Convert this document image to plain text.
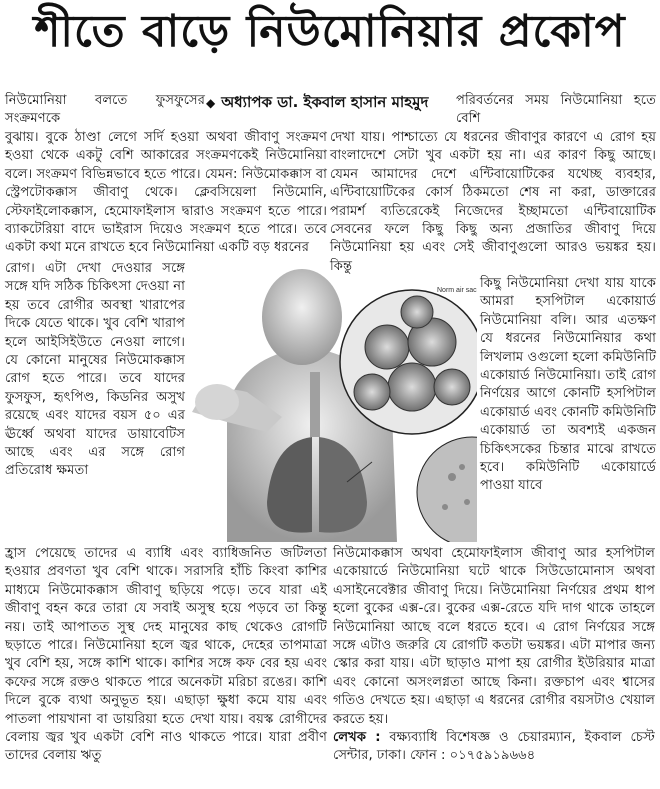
শীতে বাড়ে নিউমোনিয়ার প্রকোপ
◆ অধ্যাপক ডা. ইকবাল হাসান মাহমুদ
নিউমোনিয়া বলতে ফুসফুসের সংক্রমণকে
পরিবর্তনের সময় নিউমোনিয়া হতে বেশি
বুঝায়। বুকে ঠাণ্ডা লেগে সর্দি হওয়া অথবা জীবাণু সংক্রমণ হওয়া থেকে একটু বেশি আকারের সংক্রমণকেই নিউমোনিয়া বলে। সংক্রমণ বিভিন্নভাবে হতে পারে। যেমন: নিউমোকক্কাস বা স্ট্রেপটোকক্কাস জীবাণু থেকে। ক্লেবসিয়েলা নিউমোনি, স্টেফাইলোকক্কাস, হেমোফাইলাস দ্বারাও সংক্রমণ হতে পারে। ব্যাকটেরিয়া বাদে ভাইরাস দিয়েও সংক্রমণ হতে পারে। তবে একটা কথা মনে রাখতে হবে নিউমোনিয়া একটি বড় ধরনের
দেখা যায়। পাশ্চাত্যে যে ধরনের জীবাণুর কারণে এ রোগ হয় বাংলাদেশে সেটা খুব একটা হয় না। এর কারণ কিছু আছে। যেমন আমাদের দেশে এন্টিবায়োটিকের যথেচ্ছ ব্যবহার, এন্টিবায়োটিকের কোর্স ঠিকমতো শেষ না করা, ডাক্তারের পরামর্শ ব্যতিরেকেই নিজেদের ইচ্ছামতো এন্টিবায়োটিক সেবনের ফলে কিছু কিছু অন্য প্রজাতির জীবাণু দিয়ে নিউমোনিয়া হয় এবং সেই জীবাণুগুলো আরও ভয়ঙ্কর হয়। কিন্তু
রোগ। এটা দেখা দেওয়ার সঙ্গে সঙ্গে যদি সঠিক চিকিৎসা দেওয়া না হয় তবে রোগীর অবস্থা খারাপের দিকে যেতে থাকে। খুব বেশি খারাপ হলে আইসিইউতে নেওয়া লাগে। যে কোনো মানুষের নিউমোকক্কাস রোগ হতে পারে। তবে যাদের ফুসফুস, হৃৎপিণ্ড, কিডনির অসুখ রয়েছে এবং যাদের বয়স ৫০ এর ঊর্ধ্বে অথবা যাদের ডায়াবেটিস আছে এবং এর সঙ্গে রোগ প্রতিরোধ ক্ষমতা
কিছু নিউমোনিয়া দেখা যায় যাকে আমরা হসপিটাল একোয়ার্ড নিউমোনিয়া বলি। আর এতক্ষণ যে ধরনের নিউমোনিয়ার কথা লিখলাম ওগুলো হলো কমিউনিটি একোয়ার্ড নিউমোনিয়া। তাই রোগ নির্ণয়ের আগে কোনটি হসপিটাল একোয়ার্ড এবং কোনটি কমিউনিটি একোয়ার্ড তা অবশ্যই একজন চিকিৎসকের চিন্তার মাঝে রাখতে হবে। কমিউনিটি একোয়ার্ডে পাওয়া যাবে
Norm air sac
হ্রাস পেয়েছে তাদের এ ব্যাধি এবং ব্যাধিজনিত জটিলতা হওয়ার প্রবণতা খুব বেশি থাকে। সরাসরি হাঁচি কিংবা কাশির মাধ্যমে নিউমোকক্কাস জীবাণু ছড়িয়ে পড়ে। তবে যারা এই জীবাণু বহন করে তারা যে সবাই অসুস্থ হয়ে পড়বে তা কিন্তু নয়। তাই আপাতত সুস্থ দেহ মানুষের কাছ থেকেও রোগটি ছড়াতে পারে। নিউমোনিয়া হলে জ্বর থাকে, দেহের তাপমাত্রা খুব বেশি হয়, সঙ্গে কাশি থাকে। কাশির সঙ্গে কফ বের হয় এবং কফের সঙ্গে রক্তও থাকতে পারে অনেকটা মরিচা রঙের। কাশি দিলে বুকে ব্যথা অনুভূত হয়। এছাড়া ক্ষুধা কমে যায় এবং পাতলা পায়খানা বা ডায়রিয়া হতে দেখা যায়। বয়স্ক রোগীদের বেলায় জ্বর খুব একটা বেশি নাও থাকতে পারে। যারা প্রবীণ তাদের বেলায় ঋতু
নিউমোকক্কাস অথবা হেমোফাইলাস জীবাণু আর হসপিটাল একোয়ার্ডে নিউমোনিয়া ঘটে থাকে সিউডোমোনাস অথবা এসাইনেবেক্টার জীবাণু দিয়ে। নিউমোনিয়া নির্ণয়ের প্রথম ধাপ হলো বুকের এক্স-রে। বুকের এক্স-রেতে যদি দাগ থাকে তাহলে নিউমোনিয়া আছে বলে ধরতে হবে। এ রোগ নির্ণয়ের সঙ্গে সঙ্গে এটাও জরুরি যে রোগটি কতটা ভয়ঙ্কর। এটা মাপার জন্য স্কোর করা যায়। এটা ছাড়াও মাপা হয় রোগীর ইউরিয়ার মাত্রা এবং কোনো অসংলগ্নতা আছে কিনা। রক্তচাপ এবং শ্বাসের গতিও দেখতে হয়। এছাড়া এ ধরনের রোগীর বয়সটাও খেয়াল করতে হয়।
লেখক : বক্ষ্যব্যাধি বিশেষজ্ঞ ও চেয়ারম্যান, ইকবাল চেস্ট সেন্টার, ঢাকা। ফোন : ০১৭৫৯১৯৬৬৪
